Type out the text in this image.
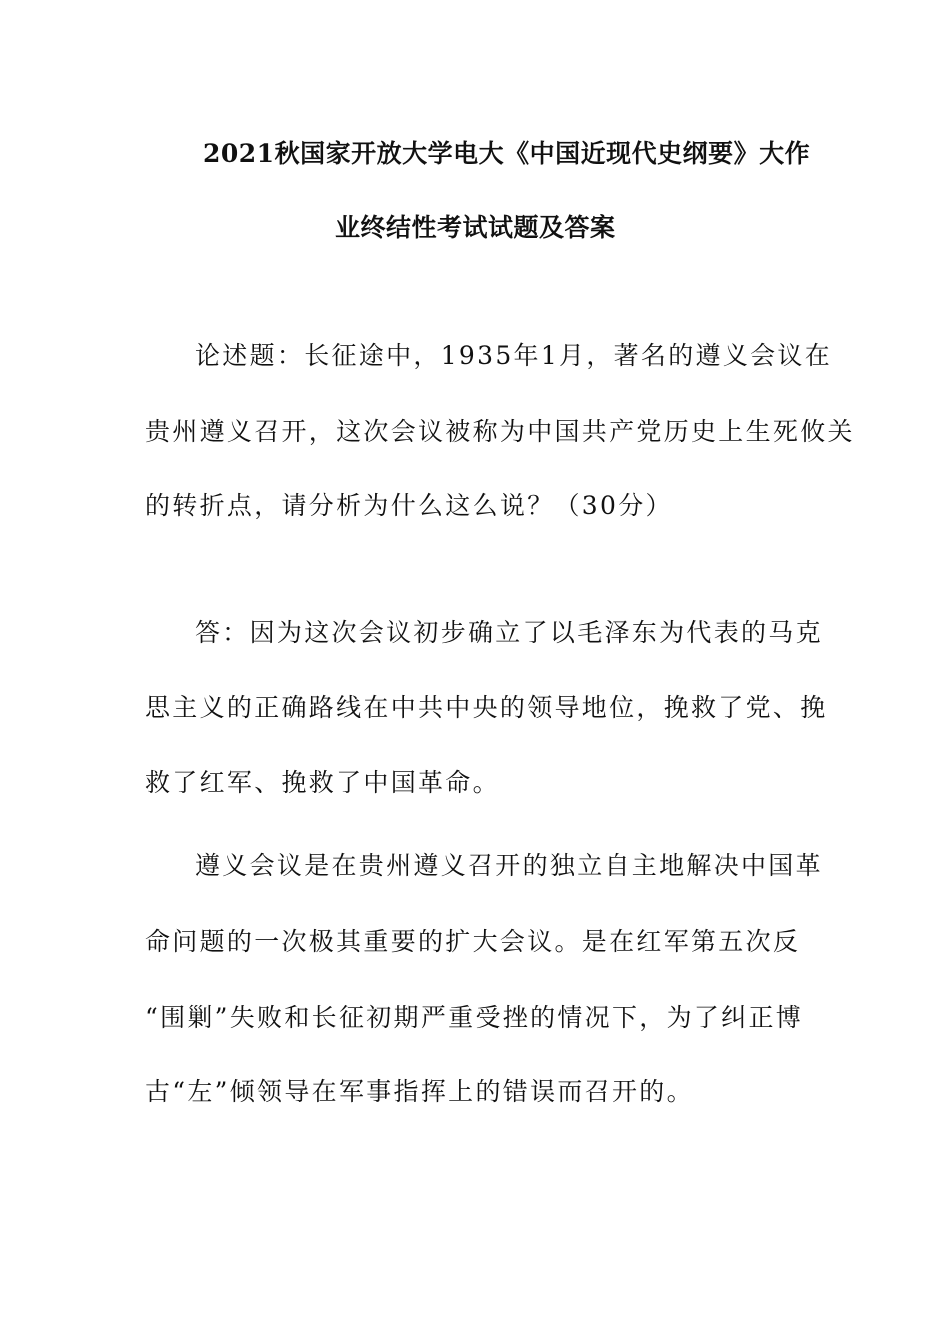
2021秋国家开放大学电大《中国近现代史纲要》大作
业终结性考试试题及答案
论述题：长征途中，1935年1月，著名的遵义会议在
贵州遵义召开，这次会议被称为中国共产党历史上生死攸关
的转折点，请分析为什么这么说？（30分）
答：因为这次会议初步确立了以毛泽东为代表的马克
思主义的正确路线在中共中央的领导地位，挽救了党、挽
救了红军、挽救了中国革命。
遵义会议是在贵州遵义召开的独立自主地解决中国革
命问题的一次极其重要的扩大会议。是在红军第五次反
“围剿”失败和长征初期严重受挫的情况下，为了纠正博
古“左”倾领导在军事指挥上的错误而召开的。
